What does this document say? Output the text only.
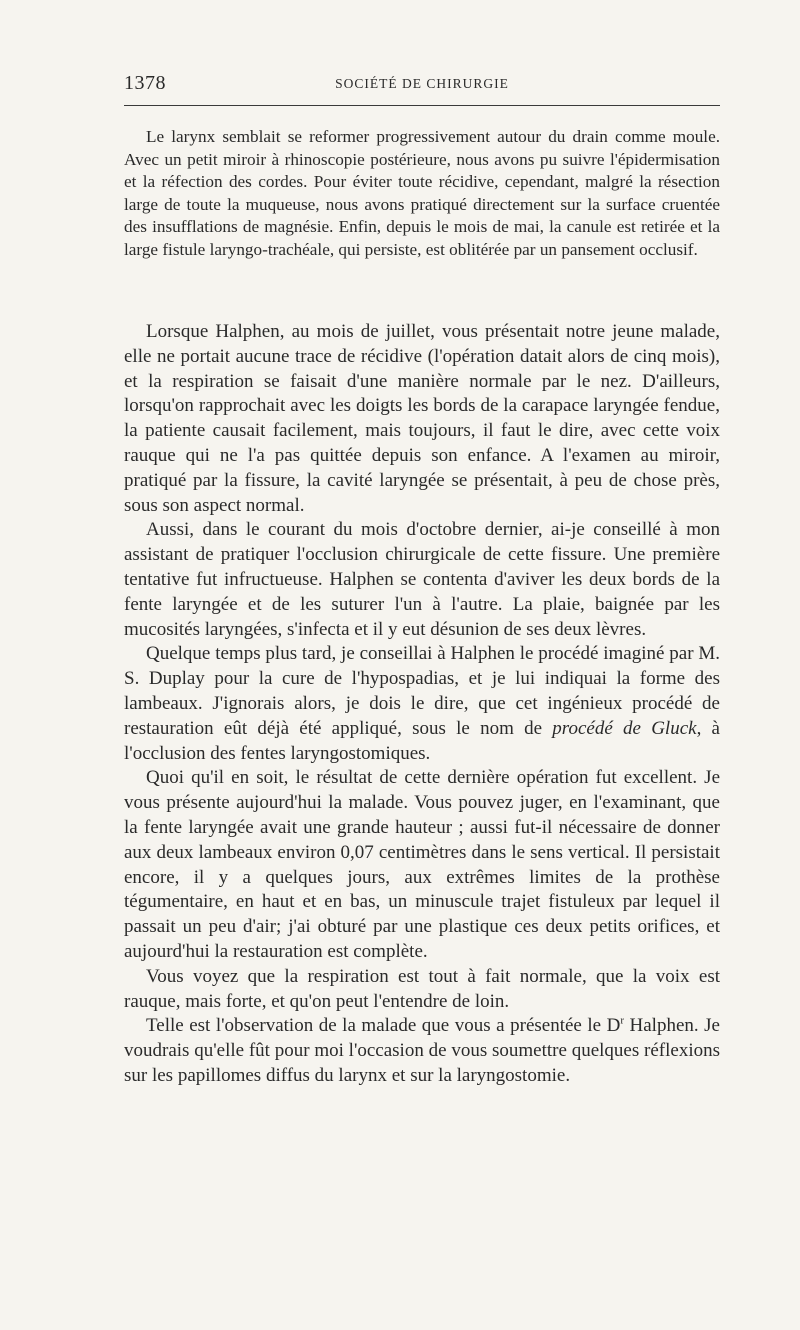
1378	SOCIÉTÉ DE CHIRURGIE

Le larynx semblait se reformer progressivement autour du drain comme moule. Avec un petit miroir à rhinoscopie postérieure, nous avons pu suivre l'épidermisation et la réfection des cordes. Pour éviter toute récidive, cependant, malgré la résection large de toute la muqueuse, nous avons pratiqué directement sur la surface cruentée des insufflations de magnésie. Enfin, depuis le mois de mai, la canule est retirée et la large fistule laryngo-trachéale, qui persiste, est oblitérée par un pansement occlusif.

Lorsque Halphen, au mois de juillet, vous présentait notre jeune malade, elle ne portait aucune trace de récidive (l'opération datait alors de cinq mois), et la respiration se faisait d'une manière normale par le nez. D'ailleurs, lorsqu'on rapprochait avec les doigts les bords de la carapace laryngée fendue, la patiente causait facilement, mais toujours, il faut le dire, avec cette voix rauque qui ne l'a pas quittée depuis son enfance. A l'examen au miroir, pratiqué par la fissure, la cavité laryngée se présentait, à peu de chose près, sous son aspect normal.

Aussi, dans le courant du mois d'octobre dernier, ai-je conseillé à mon assistant de pratiquer l'occlusion chirurgicale de cette fissure. Une première tentative fut infructueuse. Halphen se contenta d'aviver les deux bords de la fente laryngée et de les suturer l'un à l'autre. La plaie, baignée par les mucosités laryngées, s'infecta et il y eut désunion de ses deux lèvres.

Quelque temps plus tard, je conseillai à Halphen le procédé imaginé par M. S. Duplay pour la cure de l'hypospadias, et je lui indiquai la forme des lambeaux. J'ignorais alors, je dois le dire, que cet ingénieux procédé de restauration eût déjà été appliqué, sous le nom de procédé de Gluck, à l'occlusion des fentes laryngostomiques.

Quoi qu'il en soit, le résultat de cette dernière opération fut excellent. Je vous présente aujourd'hui la malade. Vous pouvez juger, en l'examinant, que la fente laryngée avait une grande hauteur ; aussi fut-il nécessaire de donner aux deux lambeaux environ 0,07 centimètres dans le sens vertical. Il persistait encore, il y a quelques jours, aux extrêmes limites de la prothèse tégumentaire, en haut et en bas, un minuscule trajet fistuleux par lequel il passait un peu d'air; j'ai obturé par une plastique ces deux petits orifices, et aujourd'hui la restauration est complète.

Vous voyez que la respiration est tout à fait normale, que la voix est rauque, mais forte, et qu'on peut l'entendre de loin.

Telle est l'observation de la malade que vous a présentée le $D^r$ Halphen. Je voudrais qu'elle fût pour moi l'occasion de vous soumettre quelques réflexions sur les papillomes diffus du larynx et sur la laryngostomie.
